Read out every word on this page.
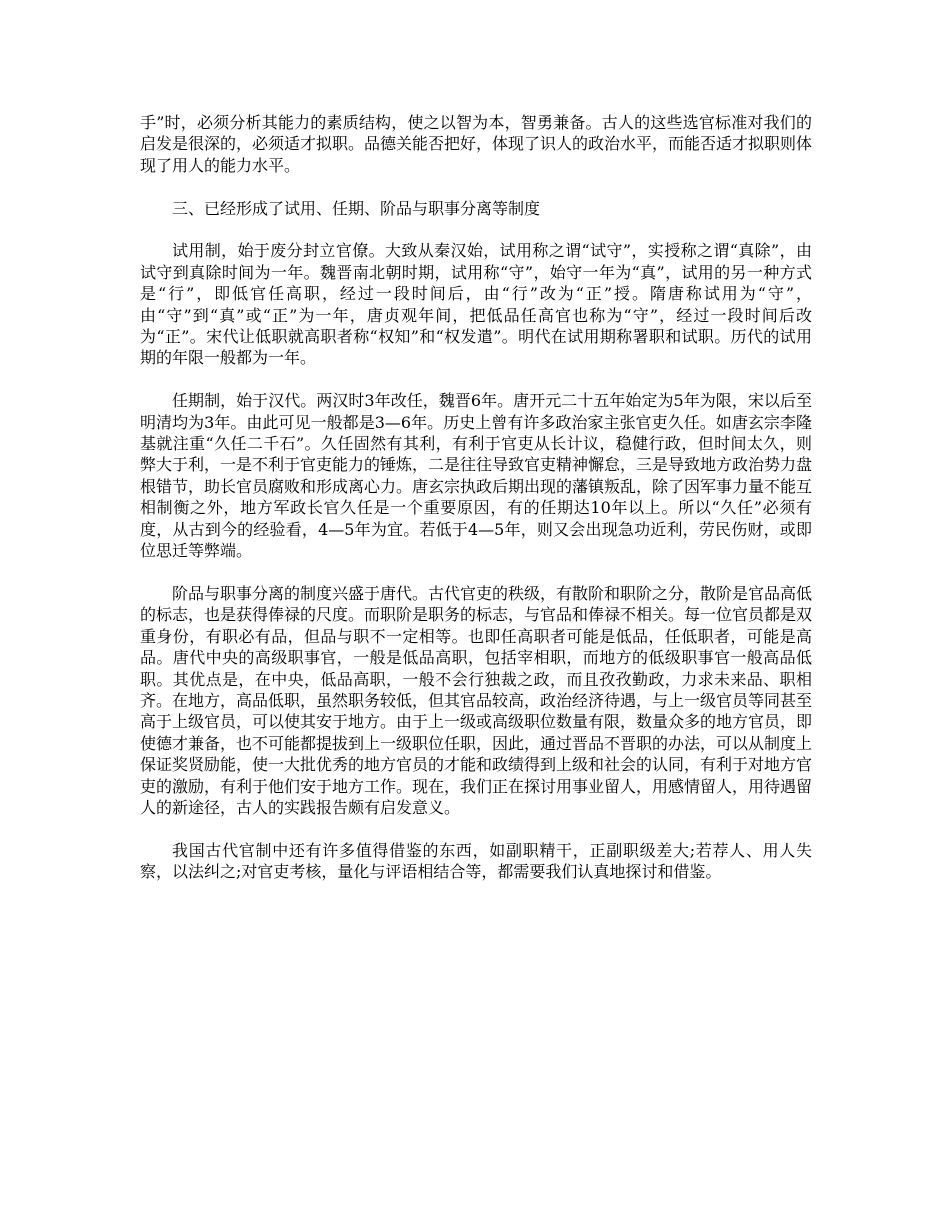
手”时，必须分析其能力的素质结构，使之以智为本，智勇兼备。古人的这些选官标准对我们的启发是很深的，必须适才拟职。品德关能否把好，体现了识人的政治水平，而能否适才拟职则体现了用人的能力水平。

三、已经形成了试用、任期、阶品与职事分离等制度

试用制，始于废分封立官僚。大致从秦汉始，试用称之谓“试守”，实授称之谓“真除”，由试守到真除时间为一年。魏晋南北朝时期，试用称“守”，始守一年为“真”，试用的另一种方式是“行”，即低官任高职，经过一段时间后，由“行”改为“正”授。隋唐称试用为“守”，由“守”到“真”或“正”为一年，唐贞观年间，把低品任高官也称为“守”，经过一段时间后改为“正”。宋代让低职就高职者称“权知”和“权发遣”。明代在试用期称署职和试职。历代的试用期的年限一般都为一年。

任期制，始于汉代。两汉时3年改任，魏晋6年。唐开元二十五年始定为5年为限，宋以后至明清均为3年。由此可见一般都是3—6年。历史上曾有许多政治家主张官吏久任。如唐玄宗李隆基就注重“久任二千石”。久任固然有其利，有利于官吏从长计议，稳健行政，但时间太久，则弊大于利，一是不利于官吏能力的锤炼，二是往往导致官吏精神懈怠，三是导致地方政治势力盘根错节，助长官员腐败和形成离心力。唐玄宗执政后期出现的藩镇叛乱，除了因军事力量不能互相制衡之外，地方军政长官久任是一个重要原因，有的任期达10年以上。所以“久任”必须有度，从古到今的经验看，4—5年为宜。若低于4—5年，则又会出现急功近利，劳民伤财，或即位思迁等弊端。

阶品与职事分离的制度兴盛于唐代。古代官吏的秩级，有散阶和职阶之分，散阶是官品高低的标志，也是获得俸禄的尺度。而职阶是职务的标志，与官品和俸禄不相关。每一位官员都是双重身份，有职必有品，但品与职不一定相等。也即任高职者可能是低品，任低职者，可能是高品。唐代中央的高级职事官，一般是低品高职，包括宰相职，而地方的低级职事官一般高品低职。其优点是，在中央，低品高职，一般不会行独裁之政，而且孜孜勤政，力求未来品、职相齐。在地方，高品低职，虽然职务较低，但其官品较高，政治经济待遇，与上一级官员等同甚至高于上级官员，可以使其安于地方。由于上一级或高级职位数量有限，数量众多的地方官员，即使德才兼备，也不可能都提拔到上一级职位任职，因此，通过晋品不晋职的办法，可以从制度上保证奖贤励能，使一大批优秀的地方官员的才能和政绩得到上级和社会的认同，有利于对地方官吏的激励，有利于他们安于地方工作。现在，我们正在探讨用事业留人，用感情留人，用待遇留人的新途径，古人的实践报告颇有启发意义。

我国古代官制中还有许多值得借鉴的东西，如副职精干，正副职级差大;若荐人、用人失察，以法纠之;对官吏考核，量化与评语相结合等，都需要我们认真地探讨和借鉴。
